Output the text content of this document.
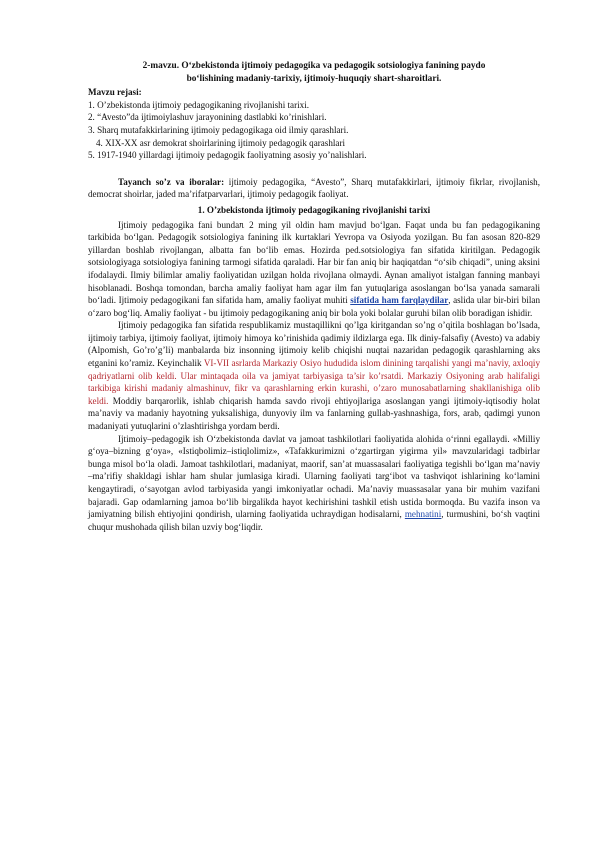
2-mavzu. O‘zbekistonda ijtimoiy pedagogika va pedagogik sotsiologiya fanining paydo
bo‘lishining madaniy-tarixiy, ijtimoiy-huquqiy shart-sharoitlari.
Mavzu rejasi:
1. O’zbekistonda ijtimoiy pedagogikaning rivojlanishi tarixi.
2. “Avesto”da ijtimoiylashuv jarayonining dastlabki ko’rinishlari.
3. Sharq mutafakkirlarining ijtimoiy pedagogikaga oid ilmiy qarashlari.
4. XIX-XX asr demokrat shoirlarining ijtimoiy pedagogik qarashlari
5. 1917-1940 yillardagi ijtimoiy pedagogik faoliyatning asosiy yo’nalishlari.

Tayanch so’z va iboralar: ijtimoiy pedagogika, “Avesto”, Sharq mutafakkirlari, ijtimoiy fikrlar, rivojlanish, democrat shoirlar, jaded ma’rifatparvarlari, ijtimoiy pedagogik faoliyat.

1. O’zbekistonda ijtimoiy pedagogikaning rivojlanishi tarixi

Ijtimoiy pedagogika fani bundaᥰ 2 ming yil oldin ham mavjud bo‘lgan. Faqat unda bu fan pedagogikaning tarkibida bo‘lgan. Pedagogik sotsiologiya fanining ilk kurtaklari Yevropa va Osiyoda yozilgan. Bu fan asosan 820-829 yillardan boshlab rivojlangan, albatta fan bo‘lib emas. Hozirda ped.sotsiologiya fan sifatida kiritilgan. Pedagogik sotsiologiyaga sotsiologiya fanining tarmogi sifatida qaraladi. Har bir fan aniq bir haqiqatdan “o‘sib chiqadi”, uning aksini ifodalaydi. Ilmiy bilimlar amaliy faoliyatidan uzilgan holda rivojlana olmaydi. Aynan amaliyot istalgan fanning manbayi hisoblanadi. Boshqa tomondan, barcha amaliy faoliyat ham agar ilm fan yutuqlariga asoslangan bo‘lsa yanada samarali bo‘ladi. Ijtimoiy pedagogikani fan sifatida ham, amaliy faoliyat muhiti sifatida ham farqlaydilar, aslida ular bir-biri bilan o‘zaro bog‘liq. Amaliy faoliyat - bu ijtimoiy pedagogikaning aniq bir bola yoki bolalar guruhi bilan olib boradigan ishidir.

Ijtimoiy pedagogika fan sifatida respublikamiz mustaqillikni qo’lga kiritgandan so’ng o’qitila boshlagan bo’lsada, ijtimoiy tarbiya, ijtimoiy faoliyat, ijtimoiy himoya ko’rinishida qadimiy ildizlarga ega. Ilk diniy-falsafiy (Avesto) va adabiy (Alpomish, Go’ro’g’li) manbalarda biz insonning ijtimoiy kelib chiqishi nuqtai nazaridan pedagogik qarashlarning aks etganini ko’ramiz. Keyinchalik VI-VII asrlarda Markaziy Osiyo hududida islom dinining tarqalishi yangi ma’naviy, axloqiy qadriyatlarni olib keldi. Ular mintaqada oila va jamiyat tarbiyasiga ta’sir ko’rsatdi. Markaziy Osiyoning arab halifaligi tarkibiga kirishi madaniy almashinuv, fikr va qarashlarning erkin kurashi, o’zaro munosabatlarning shakllanishiga olib keldi. Moddiy barqarorlik, ishlab chiqarish hamda savdo rivoji ehtiyojlariga asoslangan yangi ijtimoiy-iqtisodiy holat ma’naviy va madaniy hayotning yuksalishiga, dunyoviy ilm va fanlarning gullab-yashnashiga, fors, arab, qadimgi yunon madaniyati yutuqlarini o’zlashtirishga yordam berdi.

Ijtimoiy–pedagogik ish O‘zbekistonda davlat va jamoat tashkilotlari faoliyatida alohida o‘rinni egallaydi. «Milliy g‘oya–bizning g‘oya», «Istiqbolimiz–istiqlolimiz», «Tafakkurimizni o‘zgartirgan yigirma yil» mavzularidagi tadbirlar bunga misol bo‘la oladi. Jamoat tashkilotlari, madaniyat, maorif, san’at muassasalari faoliyatiga tegishli bo‘lgan ma’naviy –ma’rifiy shakldagi ishlar ham shular jumlasiga kiradi. Ularning faoliyati targ‘ibot va tashviqot ishlarining ko‘lamini kengaytiradi, o‘sayotgan avlod tarbiyasida yangi imkoniyatlar ochadi. Ma’naviy muassasalar yana bir muhim vazifani bajaradi. Gap odamlarning jamoa bo‘lib birgalikda hayot kechirishini tashkil etish ustida bormoqda. Bu vazifa inson va jamiyatning bilish ehtiyojini qondirish, ularning faoliyatida uchraydigan hodisalarni, mehnatini, turmushini, bo‘sh vaqtini chuqur mushohada qilish bilan uzviy bog‘liqdir.
